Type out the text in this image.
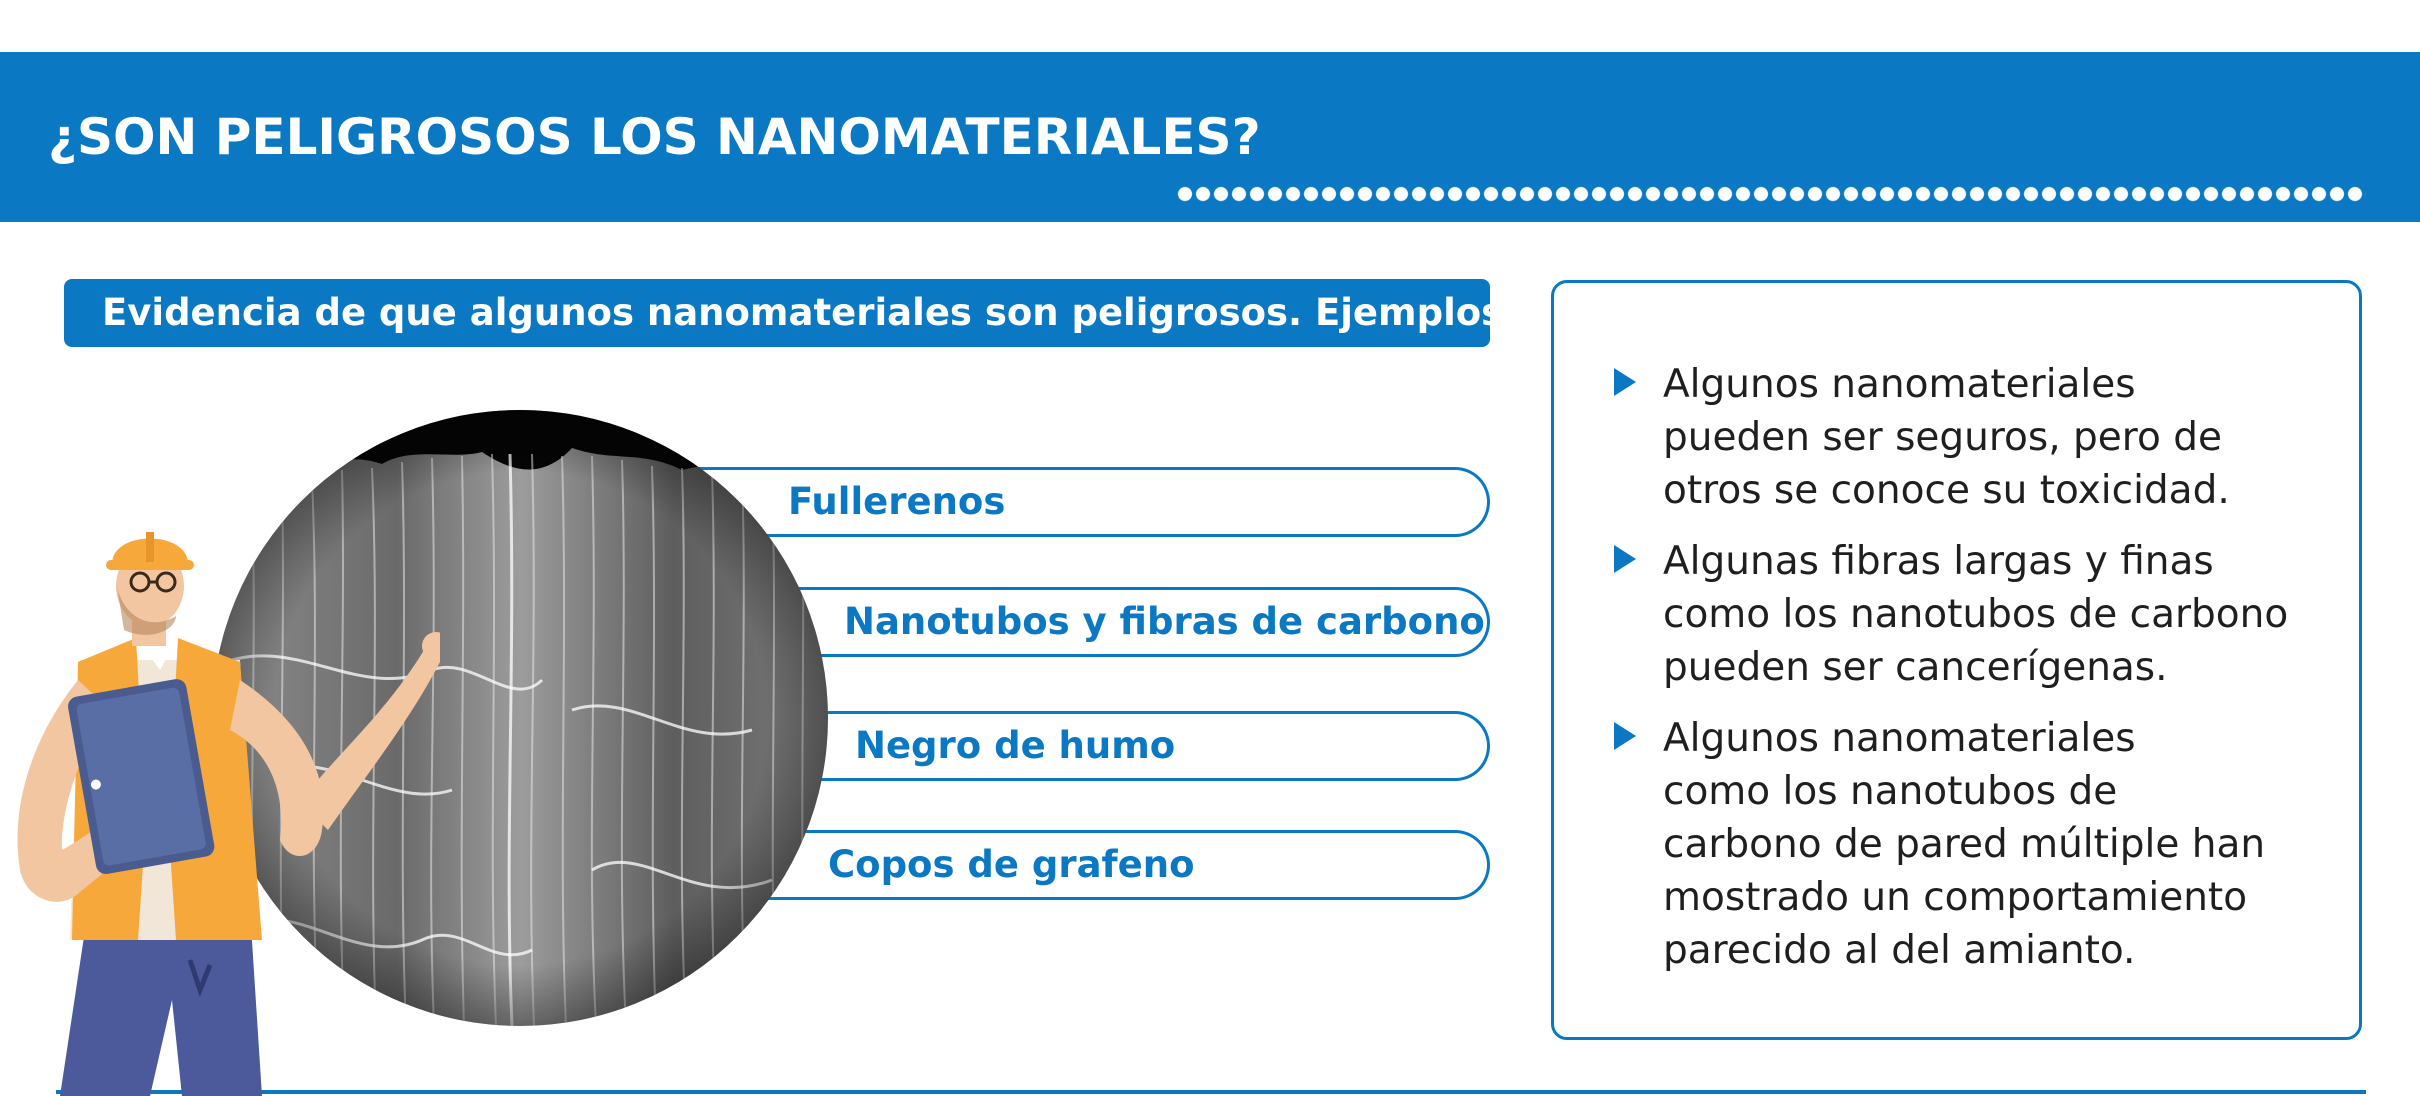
¿SON PELIGROSOS LOS NANOMATERIALES?
Evidencia de que algunos nanomateriales son peligrosos. Ejemplos:
Fullerenos
Nanotubos y fibras de carbono
Negro de humo
Copos de grafeno
Algunos nanomateriales
pueden ser seguros, pero de
otros se conoce su toxicidad.
Algunas fibras largas y finas
como los nanotubos de carbono
pueden ser cancerígenas.
Algunos nanomateriales
como los nanotubos de
carbono de pared múltiple han
mostrado un comportamiento
parecido al del amianto.
